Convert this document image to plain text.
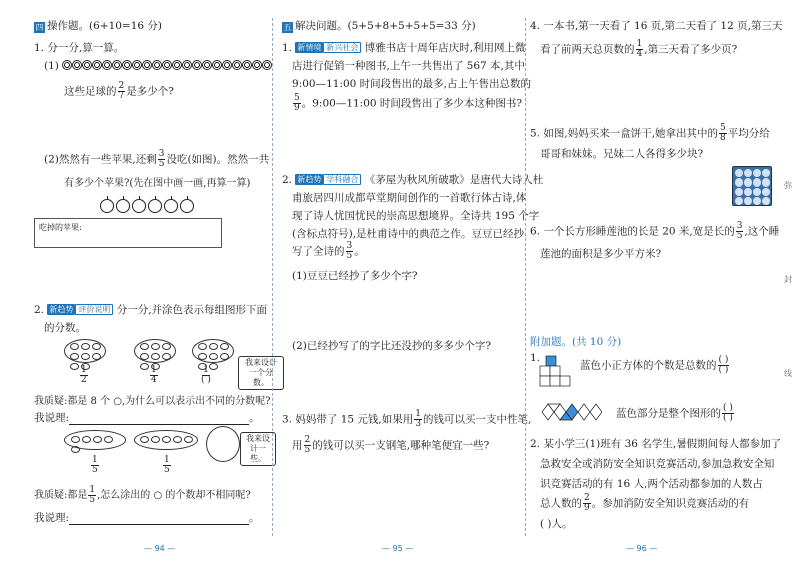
四 操作题。(6+10=16 分)
1. 分一分,算一算。
(1)
这些足球的 $\frac{2}{7}$ 是多少个?
(2)然然有一些苹果,还剩 $\frac{3}{5}$ 没吃(如图)。然然一共
有多少个苹果?(先在图中画一画,再算一算)
吃掉的苹果:
2. 新趋势 评价说明 分一分,并涂色表示每组图形下面
的分数。
我来设计一个分数。
$\frac{1}{2}$	$\frac{1}{4}$	$\frac{1}{( )}$
我质疑:都是 8 个 ○,为什么可以表示出不同的分数呢?
我说理:	。
我来设计一些。
$\frac{1}{5}$	$\frac{1}{5}$
我质疑:都是 $\frac{1}{5}$ ,怎么涂出的 ○ 的个数却不相同呢?
我说理:	。
— 94 —
五 解决问题。(5+5+8+5+5+5=33 分)
1. 新情境 新兴社会 博雅书店十周年店庆时,利用网上微
店进行促销一种图书,上午一共售出了 567 本,其中
9:00—11:00 时间段售出的最多,占上午售出总数的
$\frac{5}{9}$ 。9:00—11:00 时间段售出了多少本这种图书?
2. 新趋势 学科融合 《茅屋为秋风所破歌》是唐代大诗人杜
甫旅居四川成都草堂期间创作的一首歌行体古诗,体
现了诗人忧国忧民的崇高思想境界。全诗共 195 个字
(含标点符号),是杜甫诗中的典范之作。豆豆已经抄
写了全诗的 $\frac{3}{5}$ 。
(1)豆豆已经抄了多少个字?
(2)已经抄写了的字比还没抄的多多少个字?
3. 妈妈带了 15 元钱,如果用 $\frac{1}{3}$ 的钱可以买一支中性笔,
用 $\frac{2}{5}$ 的钱可以买一支钢笔,哪种笔便宜一些?
— 95 —
4. 一本书,第一天看了 16 页,第二天看了 12 页,第三天
看了前两天总页数的 $\frac{1}{4}$ ,第三天看了多少页?
5. 如图,妈妈买来一盒饼干,她拿出其中的 $\frac{5}{8}$ 平均分给
哥哥和妹妹。兄妹二人各得多少块?
6. 一个长方形睡莲池的长是 20 米,宽是长的 $\frac{3}{5}$ ,这个睡
莲池的面积是多少平方米?
附加题。(共 10 分)
1.
蓝色小正方体的个数是总数的 $\frac{( )}{( )}$
蓝色部分是整个图形的 $\frac{( )}{( )}$
2. 某小学三(1)班有 36 名学生,暑假期间每人都参加了
急救安全或消防安全知识竞赛活动,参加急救安全知
识竞赛活动的有 16 人,两个活动都参加的人数占
总人数的 $\frac{2}{9}$ 。参加消防安全知识竞赛活动的有
( )人。
— 96 —
弥
封
线
